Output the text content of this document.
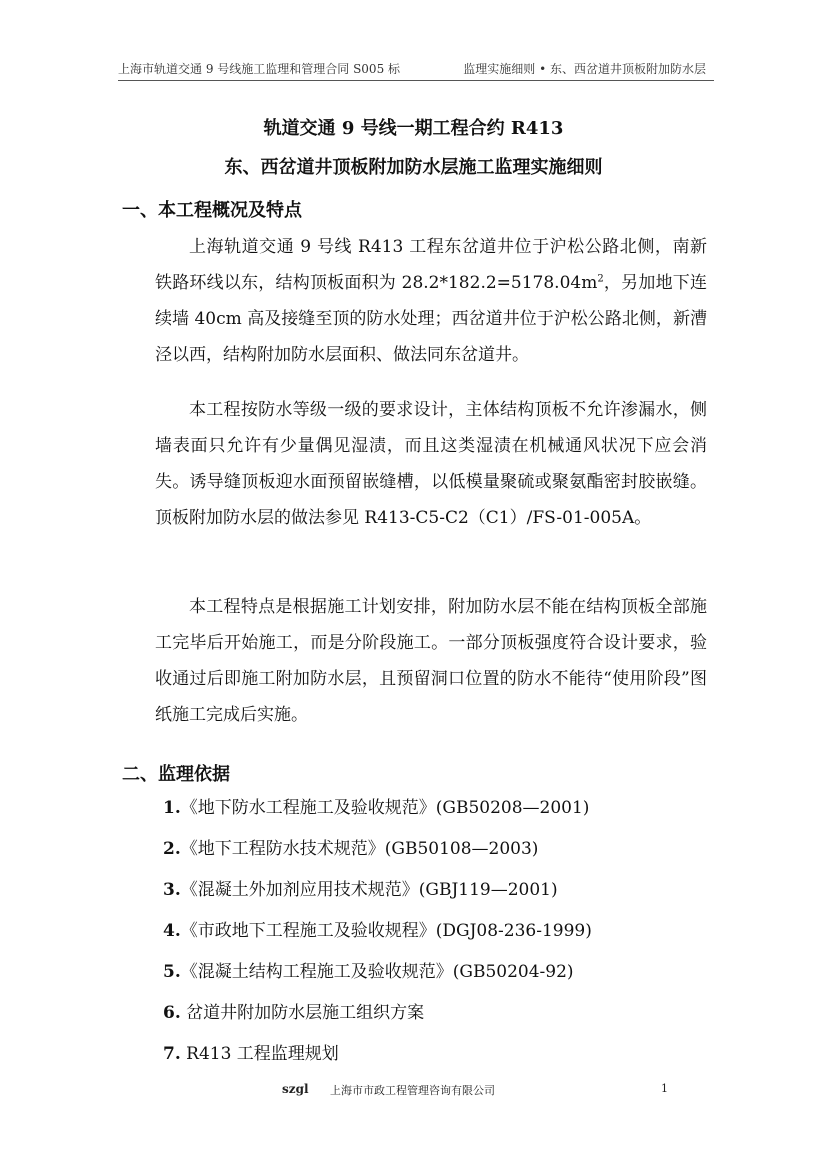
上海市轨道交通 9 号线施工监理和管理合同 S005 标	监理实施细则 • 东、西岔道井顶板附加防水层
轨道交通 9 号线一期工程合约 R413
东、西岔道井顶板附加防水层施工监理实施细则
一、本工程概况及特点
上海轨道交通 9 号线 R413 工程东岔道井位于沪松公路北侧，南新铁路环线以东，结构顶板面积为 $28.2*182.2=5178.04m^2$，另加地下连续墙 40cm 高及接缝至顶的防水处理；西岔道井位于沪松公路北侧，新漕泾以西，结构附加防水层面积、做法同东岔道井。
本工程按防水等级一级的要求设计，主体结构顶板不允许渗漏水，侧墙表面只允许有少量偶见湿渍，而且这类湿渍在机械通风状况下应会消失。诱导缝顶板迎水面预留嵌缝槽，以低模量聚硫或聚氨酯密封胶嵌缝。顶板附加防水层的做法参见 R413-C5-C2（C1）/FS-01-005A。
本工程特点是根据施工计划安排，附加防水层不能在结构顶板全部施工完毕后开始施工，而是分阶段施工。一部分顶板强度符合设计要求，验收通过后即施工附加防水层，且预留洞口位置的防水不能待“使用阶段”图纸施工完成后实施。
二、监理依据
1.《地下防水工程施工及验收规范》(GB50208—2001)
2.《地下工程防水技术规范》(GB50108—2003)
3.《混凝土外加剂应用技术规范》(GBJ119—2001)
4.《市政地下工程施工及验收规程》(DGJ08-236-1999)
5.《混凝土结构工程施工及验收规范》(GB50204-92)
6. 岔道井附加防水层施工组织方案
7. R413 工程监理规划
szgl 上海市市政工程管理咨询有限公司	1
